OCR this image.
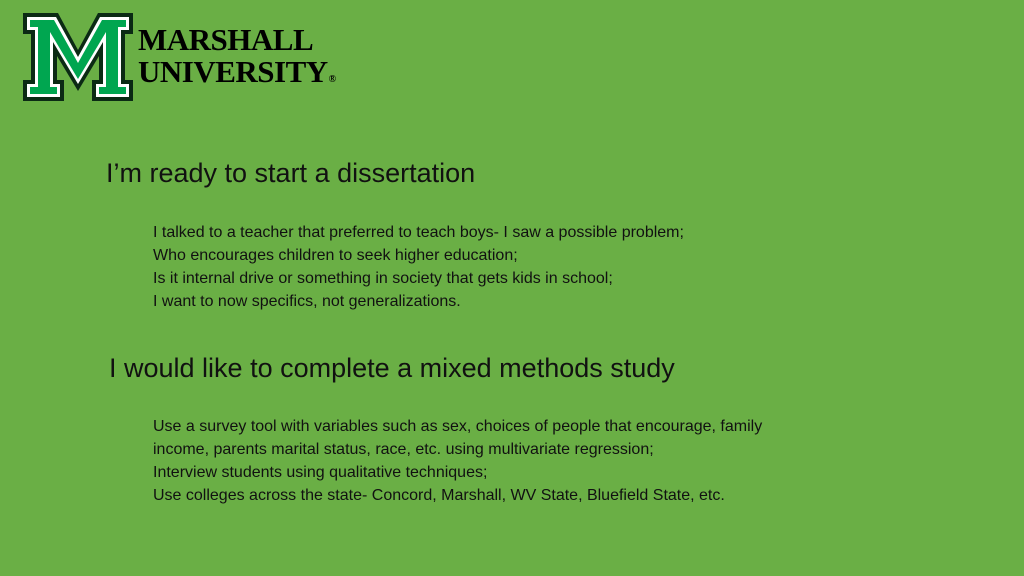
MARSHALL
UNIVERSITY®
I’m ready to start a dissertation

I talked to a teacher that preferred to teach boys- I saw a possible problem;

Who encourages children to seek higher education;

Is it internal drive or something in society that gets kids in school;

I want to now specifics, not generalizations.

I would like to complete a mixed methods study

Use a survey tool with variables such as sex, choices of people that encourage, family

income, parents marital status, race, etc. using multivariate regression;

Interview students using qualitative techniques;

Use colleges across the state- Concord, Marshall, WV State, Bluefield State, etc.
